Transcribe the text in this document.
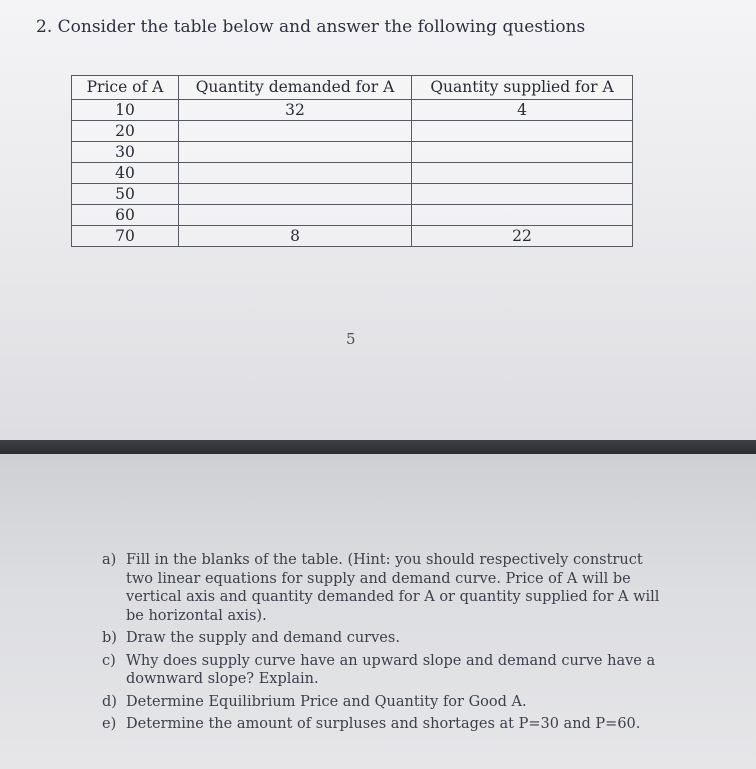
2. Consider the table below and answer the following questions
Price of A	Quantity demanded for A	Quantity supplied for A
10	32	4
20		
30		
40		
50		
60		
70	8	22
5
a) Fill in the blanks of the table. (Hint: you should respectively construct two linear equations for supply and demand curve. Price of A will be vertical axis and quantity demanded for A or quantity supplied for A will be horizontal axis).
b) Draw the supply and demand curves.
c) Why does supply curve have an upward slope and demand curve have a downward slope? Explain.
d) Determine Equilibrium Price and Quantity for Good A.
e) Determine the amount of surpluses and shortages at P=30 and P=60.
